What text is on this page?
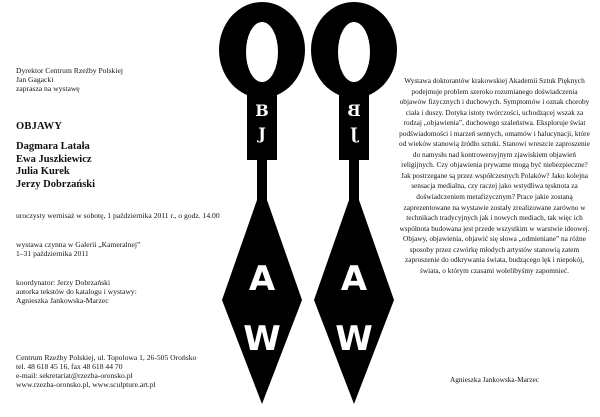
Dyrektor Centrum Rzeźby Polskiej

Jan Gagacki

zaprasza na wystawę

OBJAWY
Dagmara Latała
Ewa Juszkiewicz
Julia Kurek
Jerzy Dobrzański

uroczysty wernisaż w sobotę, 1 października 2011 r., o godz. 14.00

wystawa czynna w Galerii „Kameralnej”

1–31 października 2011

koordynator: Jerzy Dobrzański

autorka tekstów do katalogu i wystawy:

Agnieszka Jankowska-Marzec

Centrum Rzeźby Polskiej, ul. Topolowa 1, 26-505 Orońsko

tel. 48 618 45 16, fax 48 618 44 70

e-mail: sekretariat@rzezba-oronsko.pl

www.rzezba-oronsko.pl, www.sculpture.art.pl

B
J
A
W
B
J
A
W

Wystawa doktorantów krakowskiej Akademii Sztuk Pięknych podejmuje problem szeroko rozumianego doświadczenia objawów fizycznych i duchowych. Symptomów i oznak choroby ciała i duszy. Dotyka istoty twórczości, uchodzącej wszak za rodzaj „objawienia”, duchowego szaleństwa. Eksploruje świat podświadomości i marzeń sennych, omamów i halucynacji, które od wieków stanowią źródło sztuki. Stanowi wreszcie zaproszenie do namysłu nad kontrowersyjnym zjawiskiem objawień religijnych. Czy objawienia prywatne mogą być niebezpieczne? Jak postrzegane są przez współczesnych Polaków? Jako kolejna sensacja medialna, czy raczej jako wstydliwa tęsknota za doświadczeniem metafizycznym? Prace jakie zostaną zaprezentowane na wystawie zostały zrealizowane zarówno w technikach tradycyjnych jak i nowych mediach, tak więc ich wspólnota budowana jest przede wszystkim w warstwie ideowej. Objawy, objawienia, objawić się słowa „odmieniane” na różne sposoby przez czwórkę młodych artystów stanowią zatem zaproszenie do odkrywania świata, budzącego lęk i niepokój, świata, o którym czasami wolelibyśmy zapomnieć.

Agnieszka Jankowska-Marzec
